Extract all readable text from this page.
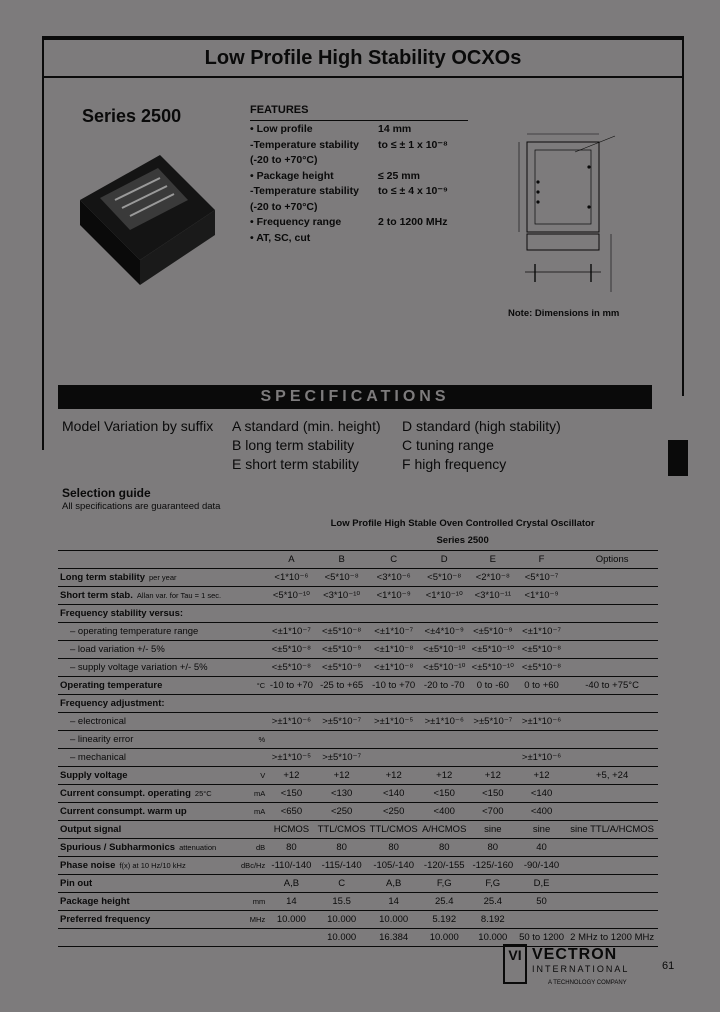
Low Profile High Stability OCXOs
Series 2500	FEATURES
• Low profile	14 mm
-Temperature stability to ≤ ± 1 x 10⁻⁸
(-20 to +70°C)
• Package height	≤ 25 mm
-Temperature stability to ≤ ± 4 x 10⁻⁹
(-20 to +70°C)
• Frequency range	2 to 1200 MHz
• AT, SC, cut
Note: Dimensions in mm
SPECIFICATIONS
Model Variation by suffix A standard (min. height) D standard (high stability)
B long term stability	C tuning range
E short term stability	F high frequency
Selection guide
All specifications are guaranteed data
		Low Profile High Stable Oven Controlled Crystal Oscillator						
		Series 2500						
		A	B	C	D	E	F	Options
Long term stability per year		<1*10⁻⁶	<5*10⁻⁸	<3*10⁻⁶	<5*10⁻⁸	<2*10⁻⁸	<5*10⁻⁷	
Short term stab. Allan var. for Tau = 1 sec.		<5*10⁻¹⁰	<3*10⁻¹⁰	<1*10⁻⁹	<1*10⁻¹⁰	<3*10⁻¹¹	<1*10⁻⁹	
Frequency stability versus:								
– operating temperature range		<±1*10⁻⁷	<±5*10⁻⁸	<±1*10⁻⁷	<±4*10⁻⁹	<±5*10⁻⁹	<±1*10⁻⁷	
– load variation +/- 5%		<±5*10⁻⁸	<±5*10⁻⁹	<±1*10⁻⁸	<±5*10⁻¹⁰	<±5*10⁻¹⁰	<±5*10⁻⁸	
– supply voltage variation +/- 5%		<±5*10⁻⁸	<±5*10⁻⁹	<±1*10⁻⁸	<±5*10⁻¹⁰	<±5*10⁻¹⁰	<±5*10⁻⁸	
Operating temperature	°C	-10 to +70	-25 to +65	-10 to +70	-20 to -70	0 to -60	0 to +60	-40 to +75°C
Frequency adjustment:								
– electronical		>±1*10⁻⁶	>±5*10⁻⁷	>±1*10⁻⁵	>±1*10⁻⁶	>±5*10⁻⁷	>±1*10⁻⁶	
– linearity error	%							
– mechanical		>±1*10⁻⁵	>±5*10⁻⁷				>±1*10⁻⁶	
Supply voltage	V	+12	+12	+12	+12	+12	+12	+5, +24
Current consumpt. operating 25°C	mA	<150	<130	<140	<150	<150	<140	
Current consumpt. warm up	mA	<650	<250	<250	<400	<700	<400	
Output signal		HCMOS	TTL/CMOS	TTL/CMOS	A/HCMOS	sine	sine	sine TTL/A/HCMOS
Spurious / Subharmonics attenuation	dB	80	80	80	80	80	40	
Phase noise f(x) at 10 Hz/10 kHz	dBc/Hz	-110/-140	-115/-140	-105/-140	-120/-155	-125/-160	-90/-140	
Pin out		A,B	C	A,B	F,G	F,G	D,E	
Package height	mm	14	15.5	14	25.4	25.4	50	
Preferred frequency	MHz	10.000	10.000	10.000	5.192	8.192		
			10.000	16.384	10.000	10.000	50 to 1200	2 MHz to 1200 MHz
VI VECTRON
INTERNATIONAL
A TECHNOLOGY COMPANY
61
